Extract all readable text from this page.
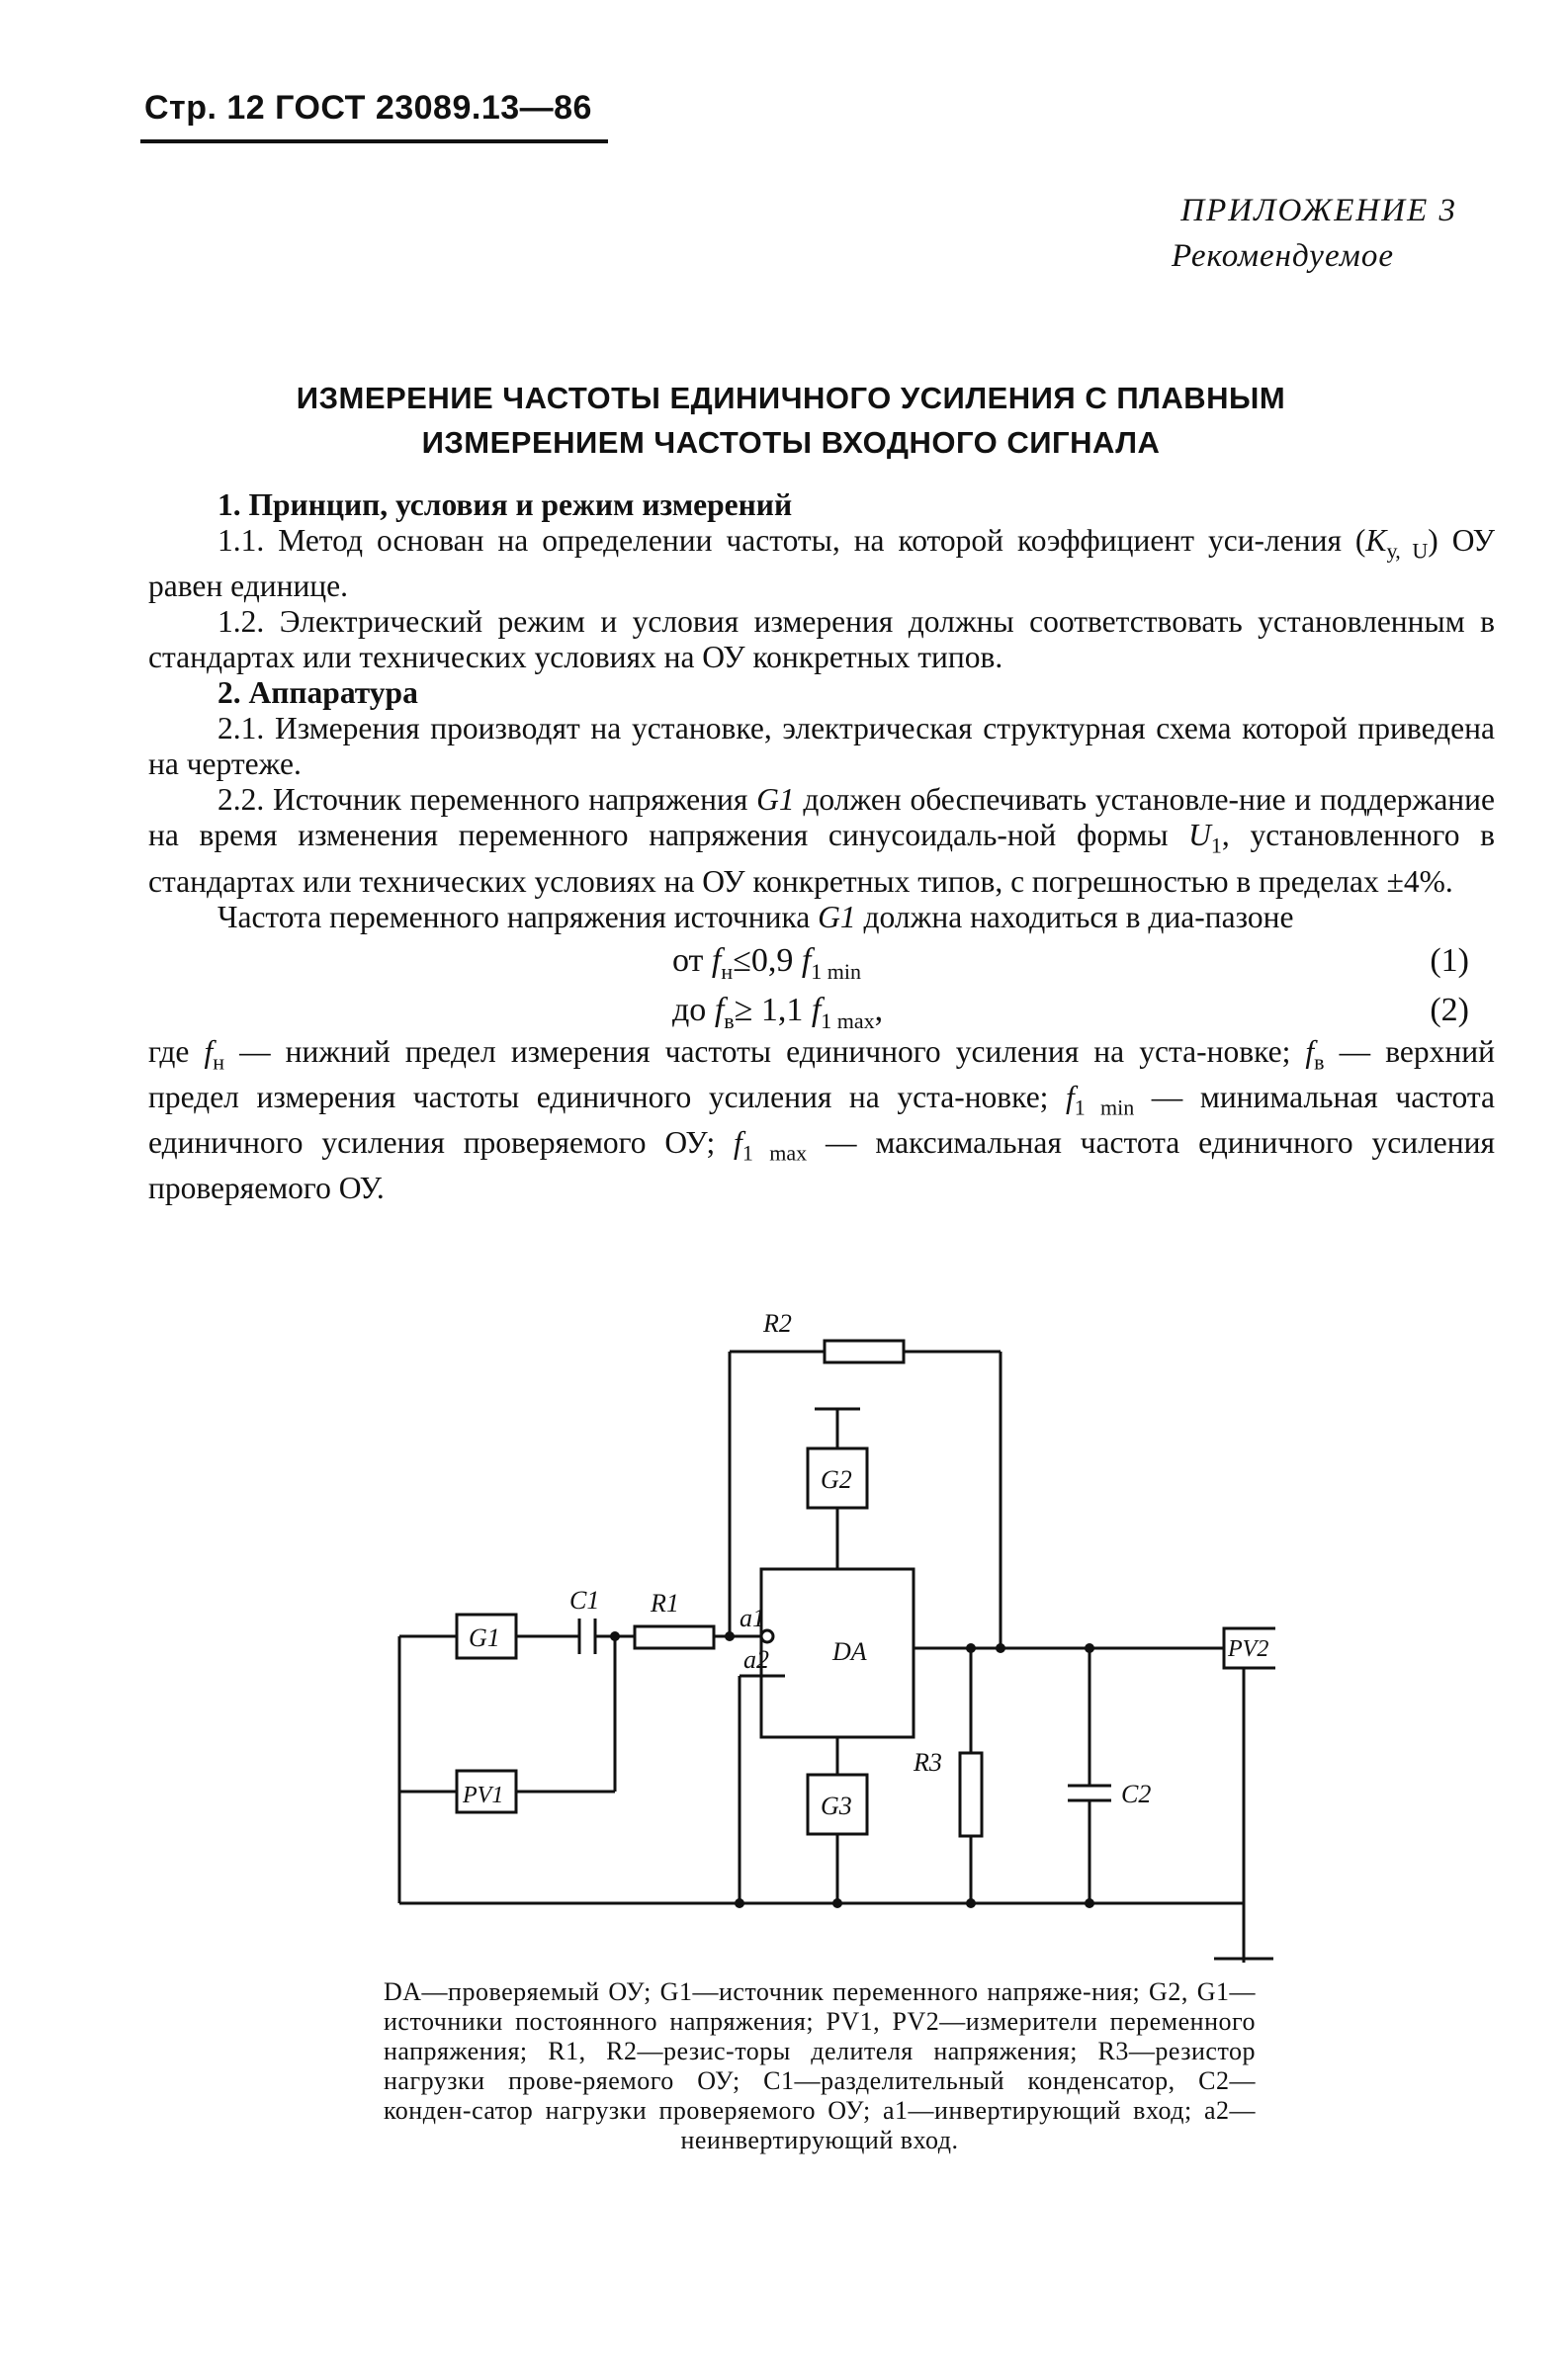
Стр. 12 ГОСТ 23089.13—86
ПРИЛОЖЕНИЕ 3
Рекомендуемое
ИЗМЕРЕНИЕ ЧАСТОТЫ ЕДИНИЧНОГО УСИЛЕНИЯ С ПЛАВНЫМ
ИЗМЕРЕНИЕМ ЧАСТОТЫ ВХОДНОГО СИГНАЛА

1. Принцип, условия и режим измерений

1.1. Метод основан на определении частоты, на которой коэффициент уси-ления $(K_{у, U})$ ОУ равен единице.

1.2. Электрический режим и условия измерения должны соответствовать установленным в стандартах или технических условиях на ОУ конкретных типов.

2. Аппаратура

2.1. Измерения производят на установке, электрическая структурная схема которой приведена на чертеже.

2.2. Источник переменного напряжения G1 должен обеспечивать установле-ние и поддержание на время изменения переменного напряжения синусоидаль-ной формы $U_1$, установленного в стандартах или технических условиях на ОУ конкретных типов, с погрешностью в пределах ±4%.

Частота переменного напряжения источника G1 должна находиться в диа-пазоне

от $f_н\le 0,9$ $f_{1 min}$	(1)
до $f_в\ge 1,1$ $f_{1 max}$,	(2)

где $f_н$ — нижний предел измерения частоты единичного усиления на уста-новке; $f_в$ — верхний предел измерения частоты единичного усиления на уста-новке; $f_{1 min}$ — минимальная частота единичного усиления проверяемого ОУ; $f_{1 max}$ — максимальная частота единичного усиления проверяемого ОУ.

G1
PV1
C1 R1
R2
G2
DA
G3
R3
C2
PV2
a1
a2
DA—проверяемый ОУ; G1—источник переменного напряже-ния; G2, G1—источники постоянного напряжения; PV1, PV2—измерители переменного напряжения; R1, R2—резис-торы делителя напряжения; R3—резистор нагрузки прове-ряемого ОУ; C1—разделительный конденсатор, C2—конден-сатор нагрузки проверяемого ОУ; a1—инвертирующий вход; a2—неинвертирующий вход.
